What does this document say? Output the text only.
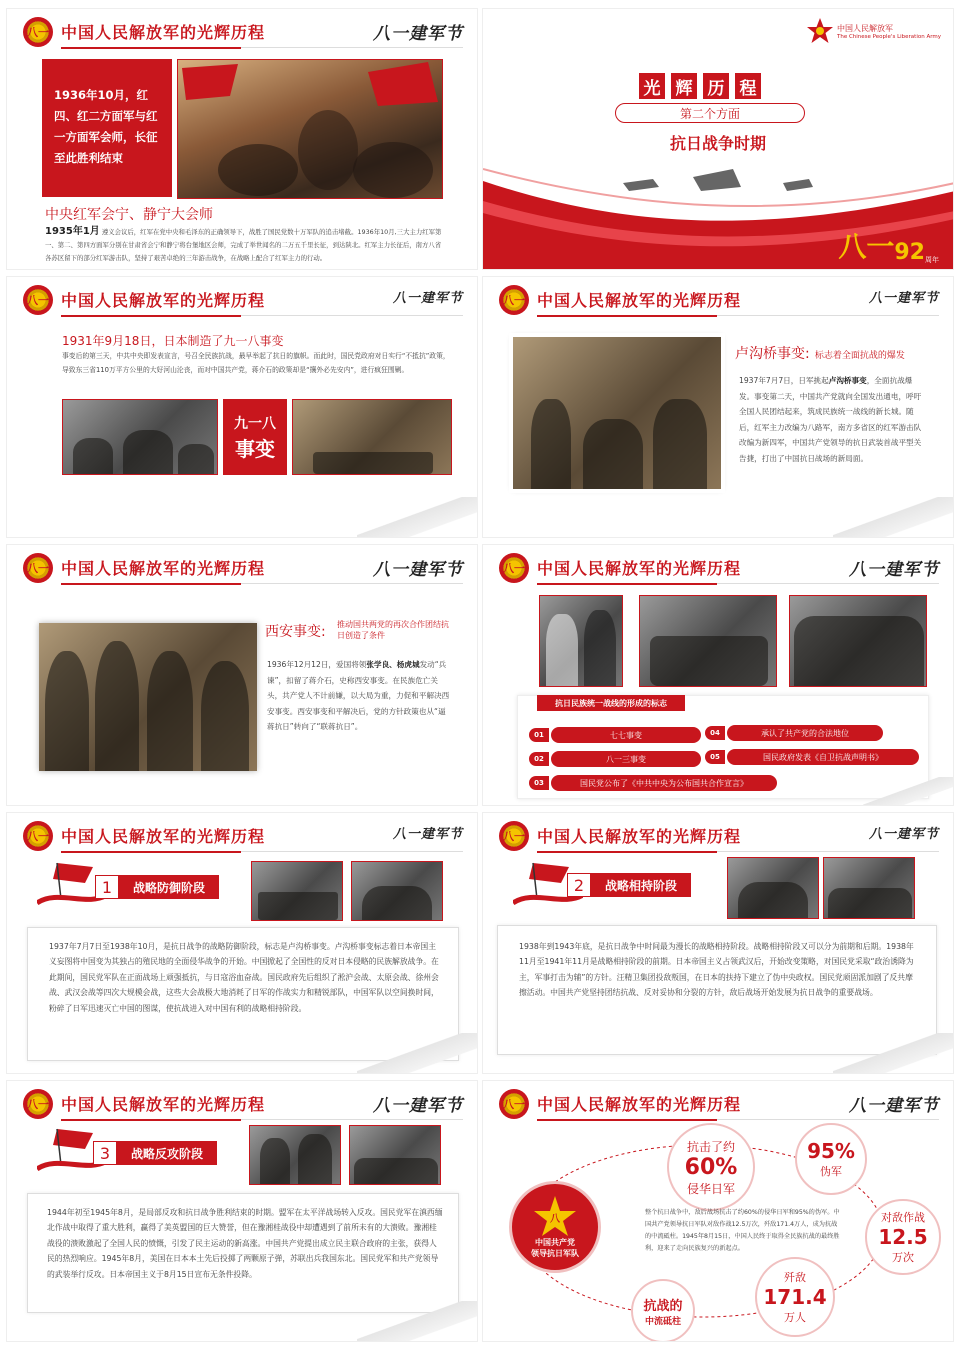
八一 中国人民解放军的光辉历程	八一建军节
1936年10月，红四、红二方面军与红一方面军会师，长征至此胜利结束
中央红军会宁、静宁大会师
1935年1月 遵义会议后，红军在党中央和毛泽东的正确领导下，战胜了国民党数十万军队的追击堵截。1936年10月,三大主力红军第一、第二、第四方面军分别在甘肃省会宁和静宁将台堡地区会师，完成了举世闻名的二万五千里长征，到达陕北。红军主力长征后，南方八省各苏区留下的部分红军游击队，坚持了艰苦卓绝的三年游击战争，在战略上配合了红军主力的行动。
中国人民解放军
The Chinese People's Liberation Army
光 辉 历 程
第二个方面
抗日战争时期
八一 92 周年
八一 中国人民解放军的光辉历程	八一建军节
1931年9月18日，日本制造了九一八事变
事变后的第三天，中共中央即发表宣言，号召全民族抗战，最早举起了抗日的旗帜。而此时，国民党政府对日实行“不抵抗”政策，导致东三省110万平方公里的大好河山沦丧，而对中国共产党，蒋介石的政策却是“攘外必先安内”，进行疯狂围剿。
九一八
事变
八一 中国人民解放军的光辉历程	八一建军节
卢沟桥事变: 标志着全面抗战的爆发
1937年7月7日，日军挑起卢沟桥事变，全面抗战爆发。事变第二天，中国共产党就向全国发出通电，呼吁全国人民团结起来，筑成民族统一战线的新长城。随后，红军主力改编为八路军，南方多省区的红军游击队改编为新四军，中国共产党领导的抗日武装首战平型关告捷，打出了中国抗日战场的新局面。
八一 中国人民解放军的光辉历程	八一建军节
西安事变: 推动国共两党的再次合作团结抗日创造了条件
1936年12月12日，爱国将领张学良、杨虎城发动“兵谏”，扣留了蒋介石，史称西安事变。在民族危亡关头，共产党人不计前嫌，以大局为重，力促和平解决西安事变。西安事变和平解决后，党的方针政策也从“逼蒋抗日”转向了“联蒋抗日”。
八一 中国人民解放军的光辉历程	八一建军节
抗日民族统一战线的形成的标志
01	七七事变
02	八一三事变
03	国民党公布了《中共中央为公布国共合作宣言》
04	承认了共产党的合法地位
05	国民政府发表《自卫抗战声明书》
八一 中国人民解放军的光辉历程	八一建军节
1	战略防御阶段
1937年7月7日至1938年10月，是抗日战争的战略防御阶段，标志是卢沟桥事变。卢沟桥事变标志着日本帝国主义妄图将中国变为其独占的殖民地的全面侵华战争的开始。中国掀起了全国性的反对日本侵略的民族解放战争。在此期间，国民党军队在正面战场上顽强抵抗，与日寇浴血奋战。国民政府先后组织了淞沪会战、太原会战、徐州会战、武汉会战等四次大规模会战，这些大会战极大地消耗了日军的作战实力和精锐部队，中国军队以空间换时间，粉碎了日军迅速灭亡中国的图谋，使抗战进入对中国有利的战略相持阶段。
八一 中国人民解放军的光辉历程	八一建军节
2	战略相持阶段
1938年到1943年底，是抗日战争中时间最为漫长的战略相持阶段。战略相持阶段又可以分为前期和后期。1938年11月至1941年11月是战略相持阶段的前期。日本帝国主义占领武汉后，开始改变策略，对国民党采取“政治诱降为主，军事打击为辅”的方针。汪精卫集团投敌叛国，在日本的扶持下建立了伪中央政权。国民党顽固派加剧了反共摩擦活动。中国共产党坚持团结抗战、反对妥协和分裂的方针，敌后战场开始发展为抗日战争的重要战场。
八一 中国人民解放军的光辉历程	八一建军节
3	战略反攻阶段
1944年初至1945年8月，是局部反攻和抗日战争胜利结束的时期。盟军在太平洋战场转入反攻。国民党军在滇西缅北作战中取得了重大胜利，赢得了美英盟国的巨大赞誉，但在豫湘桂战役中却遭遇到了前所未有的大溃败。豫湘桂战役的溃败激起了全国人民的愤慨，引发了民主运动的新高涨。中国共产党提出成立民主联合政府的主张，获得人民的热烈响应。1945年8月，美国在日本本土先后投掷了两颗原子弹，苏联出兵我国东北。国民党军和共产党领导的武装举行反攻。日本帝国主义于8月15日宣布无条件投降。
八一 中国人民解放军的光辉历程	八一建军节
八
中国共产党
领导抗日军队
抗击了约
60%
侵华日军
95%
伪军
对敌作战
12.5
万次
歼敌
171.4
万人
抗战的
中流砥柱
整个抗日战争中，敌后战场抗击了约60%的侵华日军和95%的伪军。中国共产党领导抗日军队对敌作战12.5万次，歼敌171.4万人，成为抗战的中流砥柱。1945年8月15日，中国人民终于取得全民族抗战的最终胜利，迎来了走向民族复兴的新起点。
